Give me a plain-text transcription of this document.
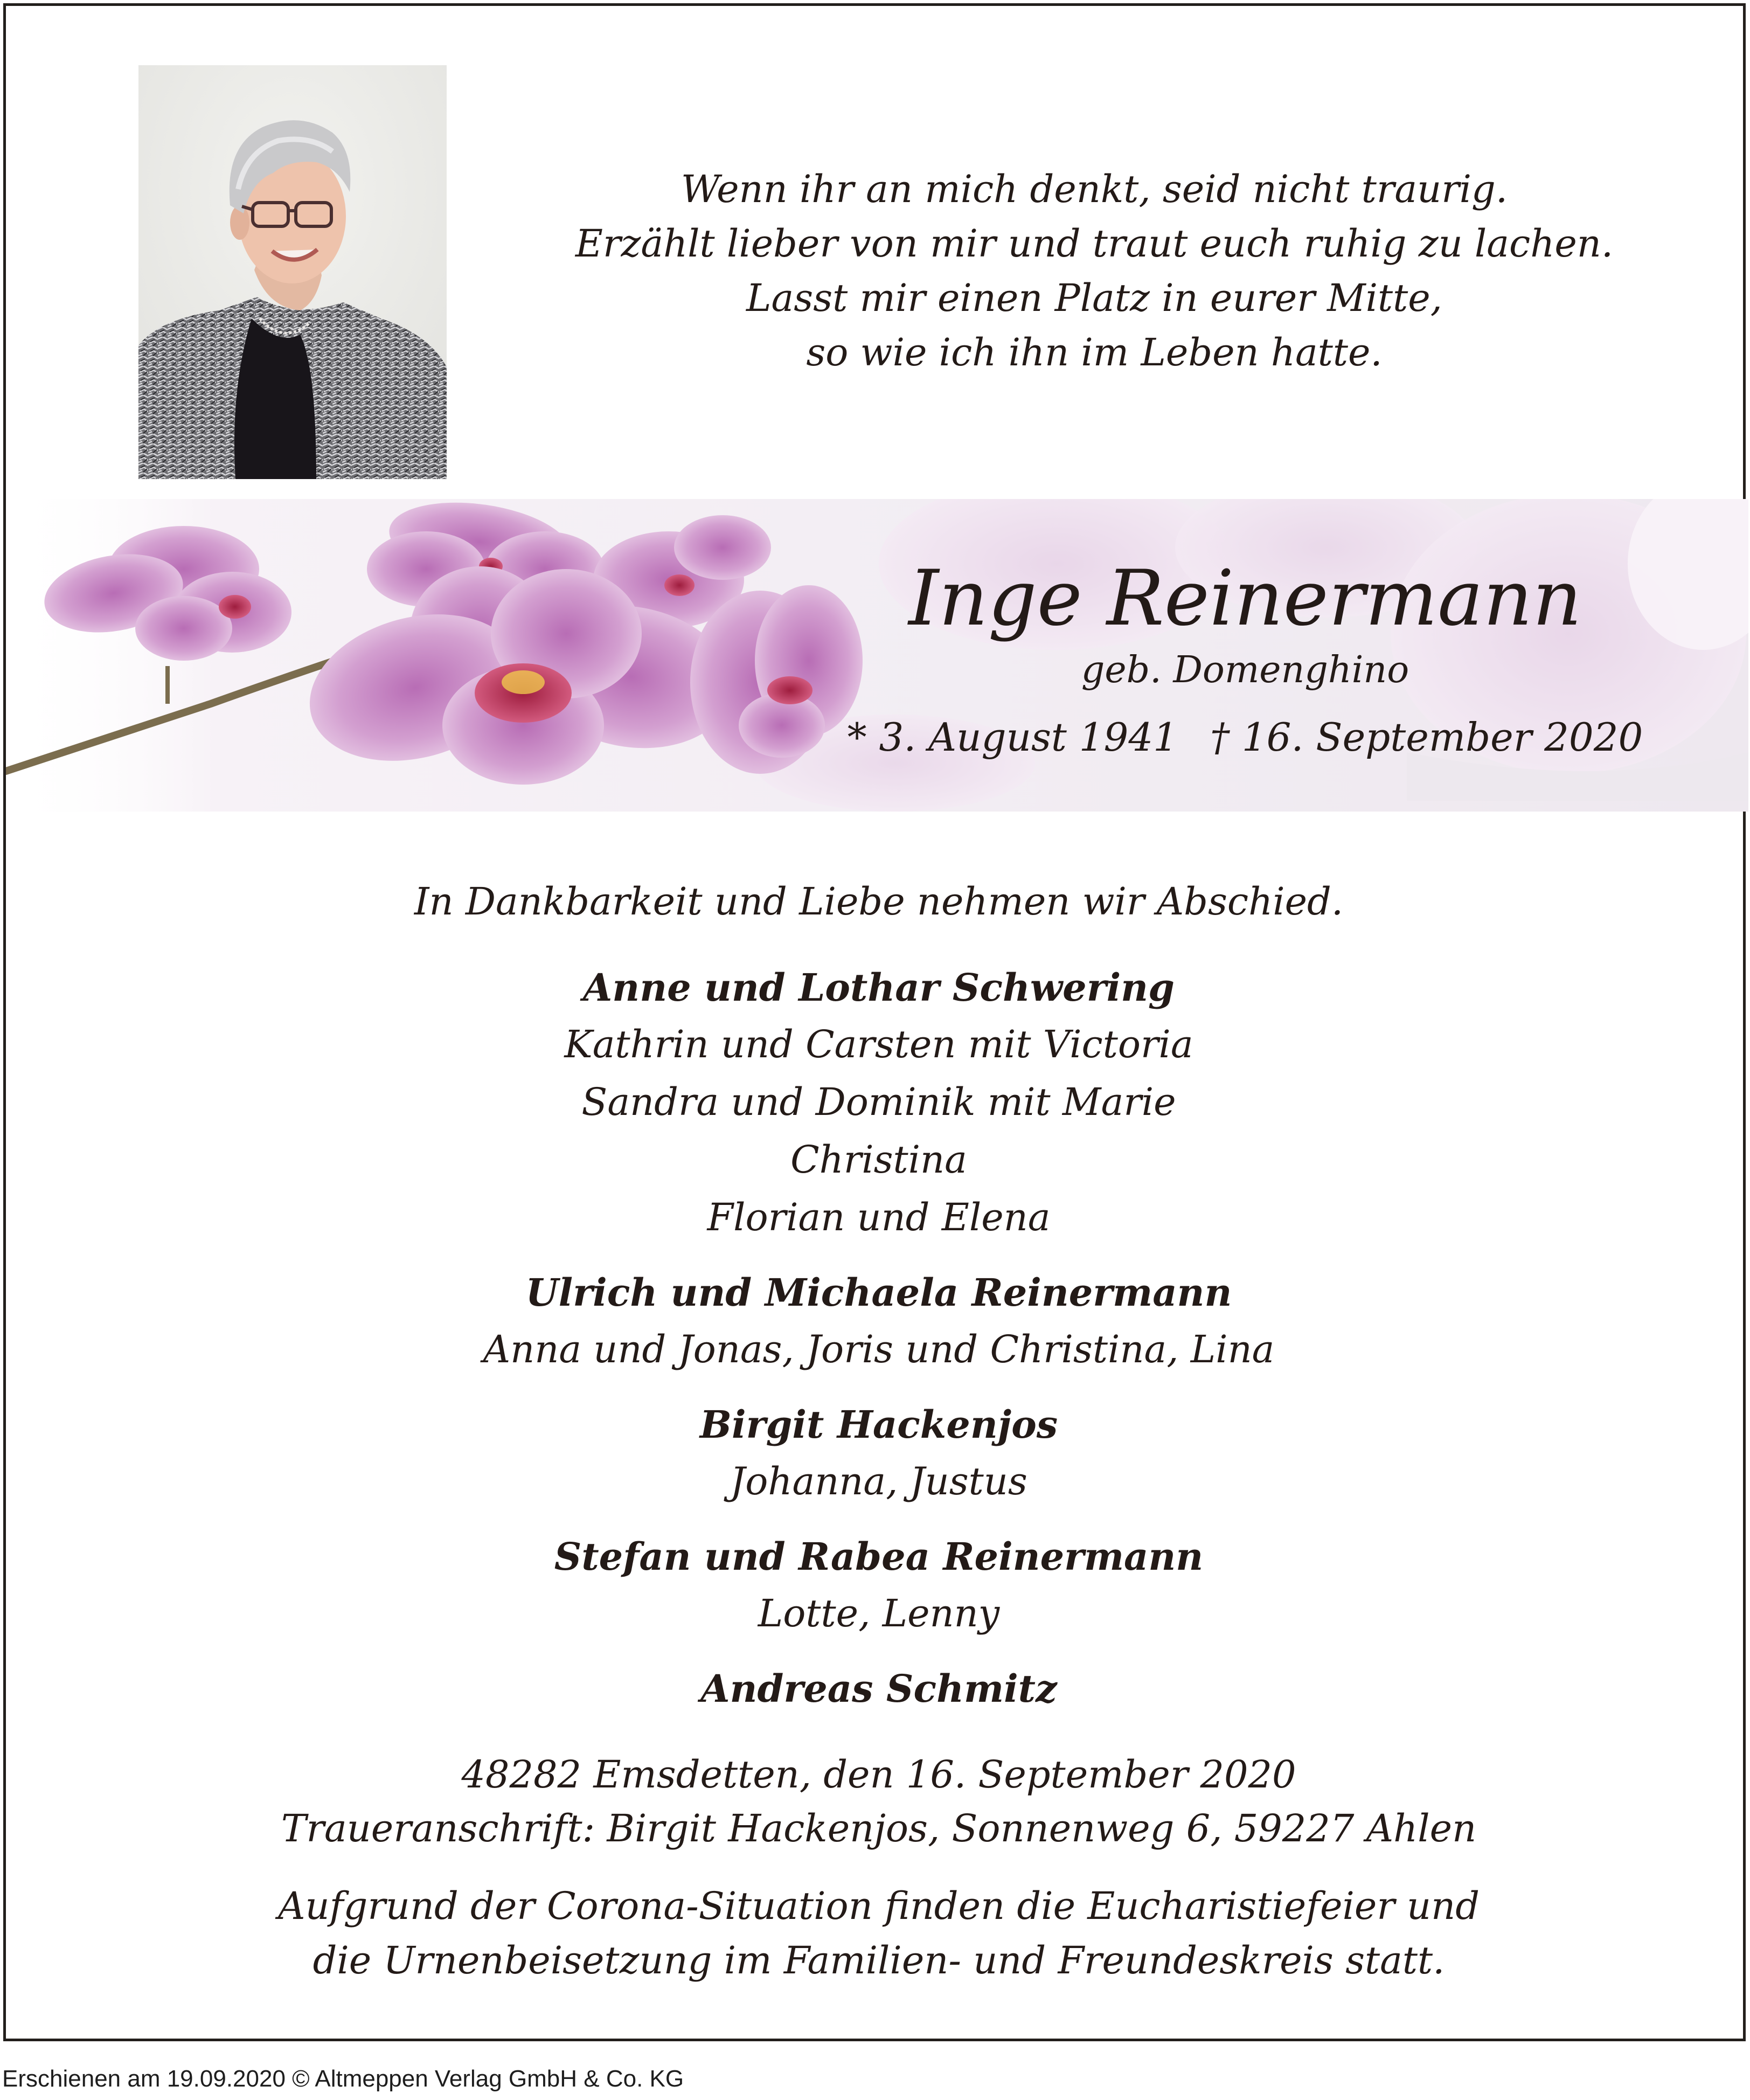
Wenn ihr an mich denkt, seid nicht traurig.
Erzählt lieber von mir und traut euch ruhig zu lachen.
Lasst mir einen Platz in eurer Mitte,
so wie ich ihn im Leben hatte.
Inge Reinermann
geb. Domenghino
* 3. August 1941 † 16. September 2020
In Dankbarkeit und Liebe nehmen wir Abschied.
Anne und Lothar Schwering
Kathrin und Carsten mit Victoria
Sandra und Dominik mit Marie
Christina
Florian und Elena
Ulrich und Michaela Reinermann
Anna und Jonas, Joris und Christina, Lina
Birgit Hackenjos
Johanna, Justus
Stefan und Rabea Reinermann
Lotte, Lenny
Andreas Schmitz
48282 Emsdetten, den 16. September 2020
Traueranschrift: Birgit Hackenjos, Sonnenweg 6, 59227 Ahlen
Aufgrund der Corona-Situation finden die Eucharistiefeier und
die Urnenbeisetzung im Familien- und Freundeskreis statt.
Erschienen am 19.09.2020 © Altmeppen Verlag GmbH & Co. KG
